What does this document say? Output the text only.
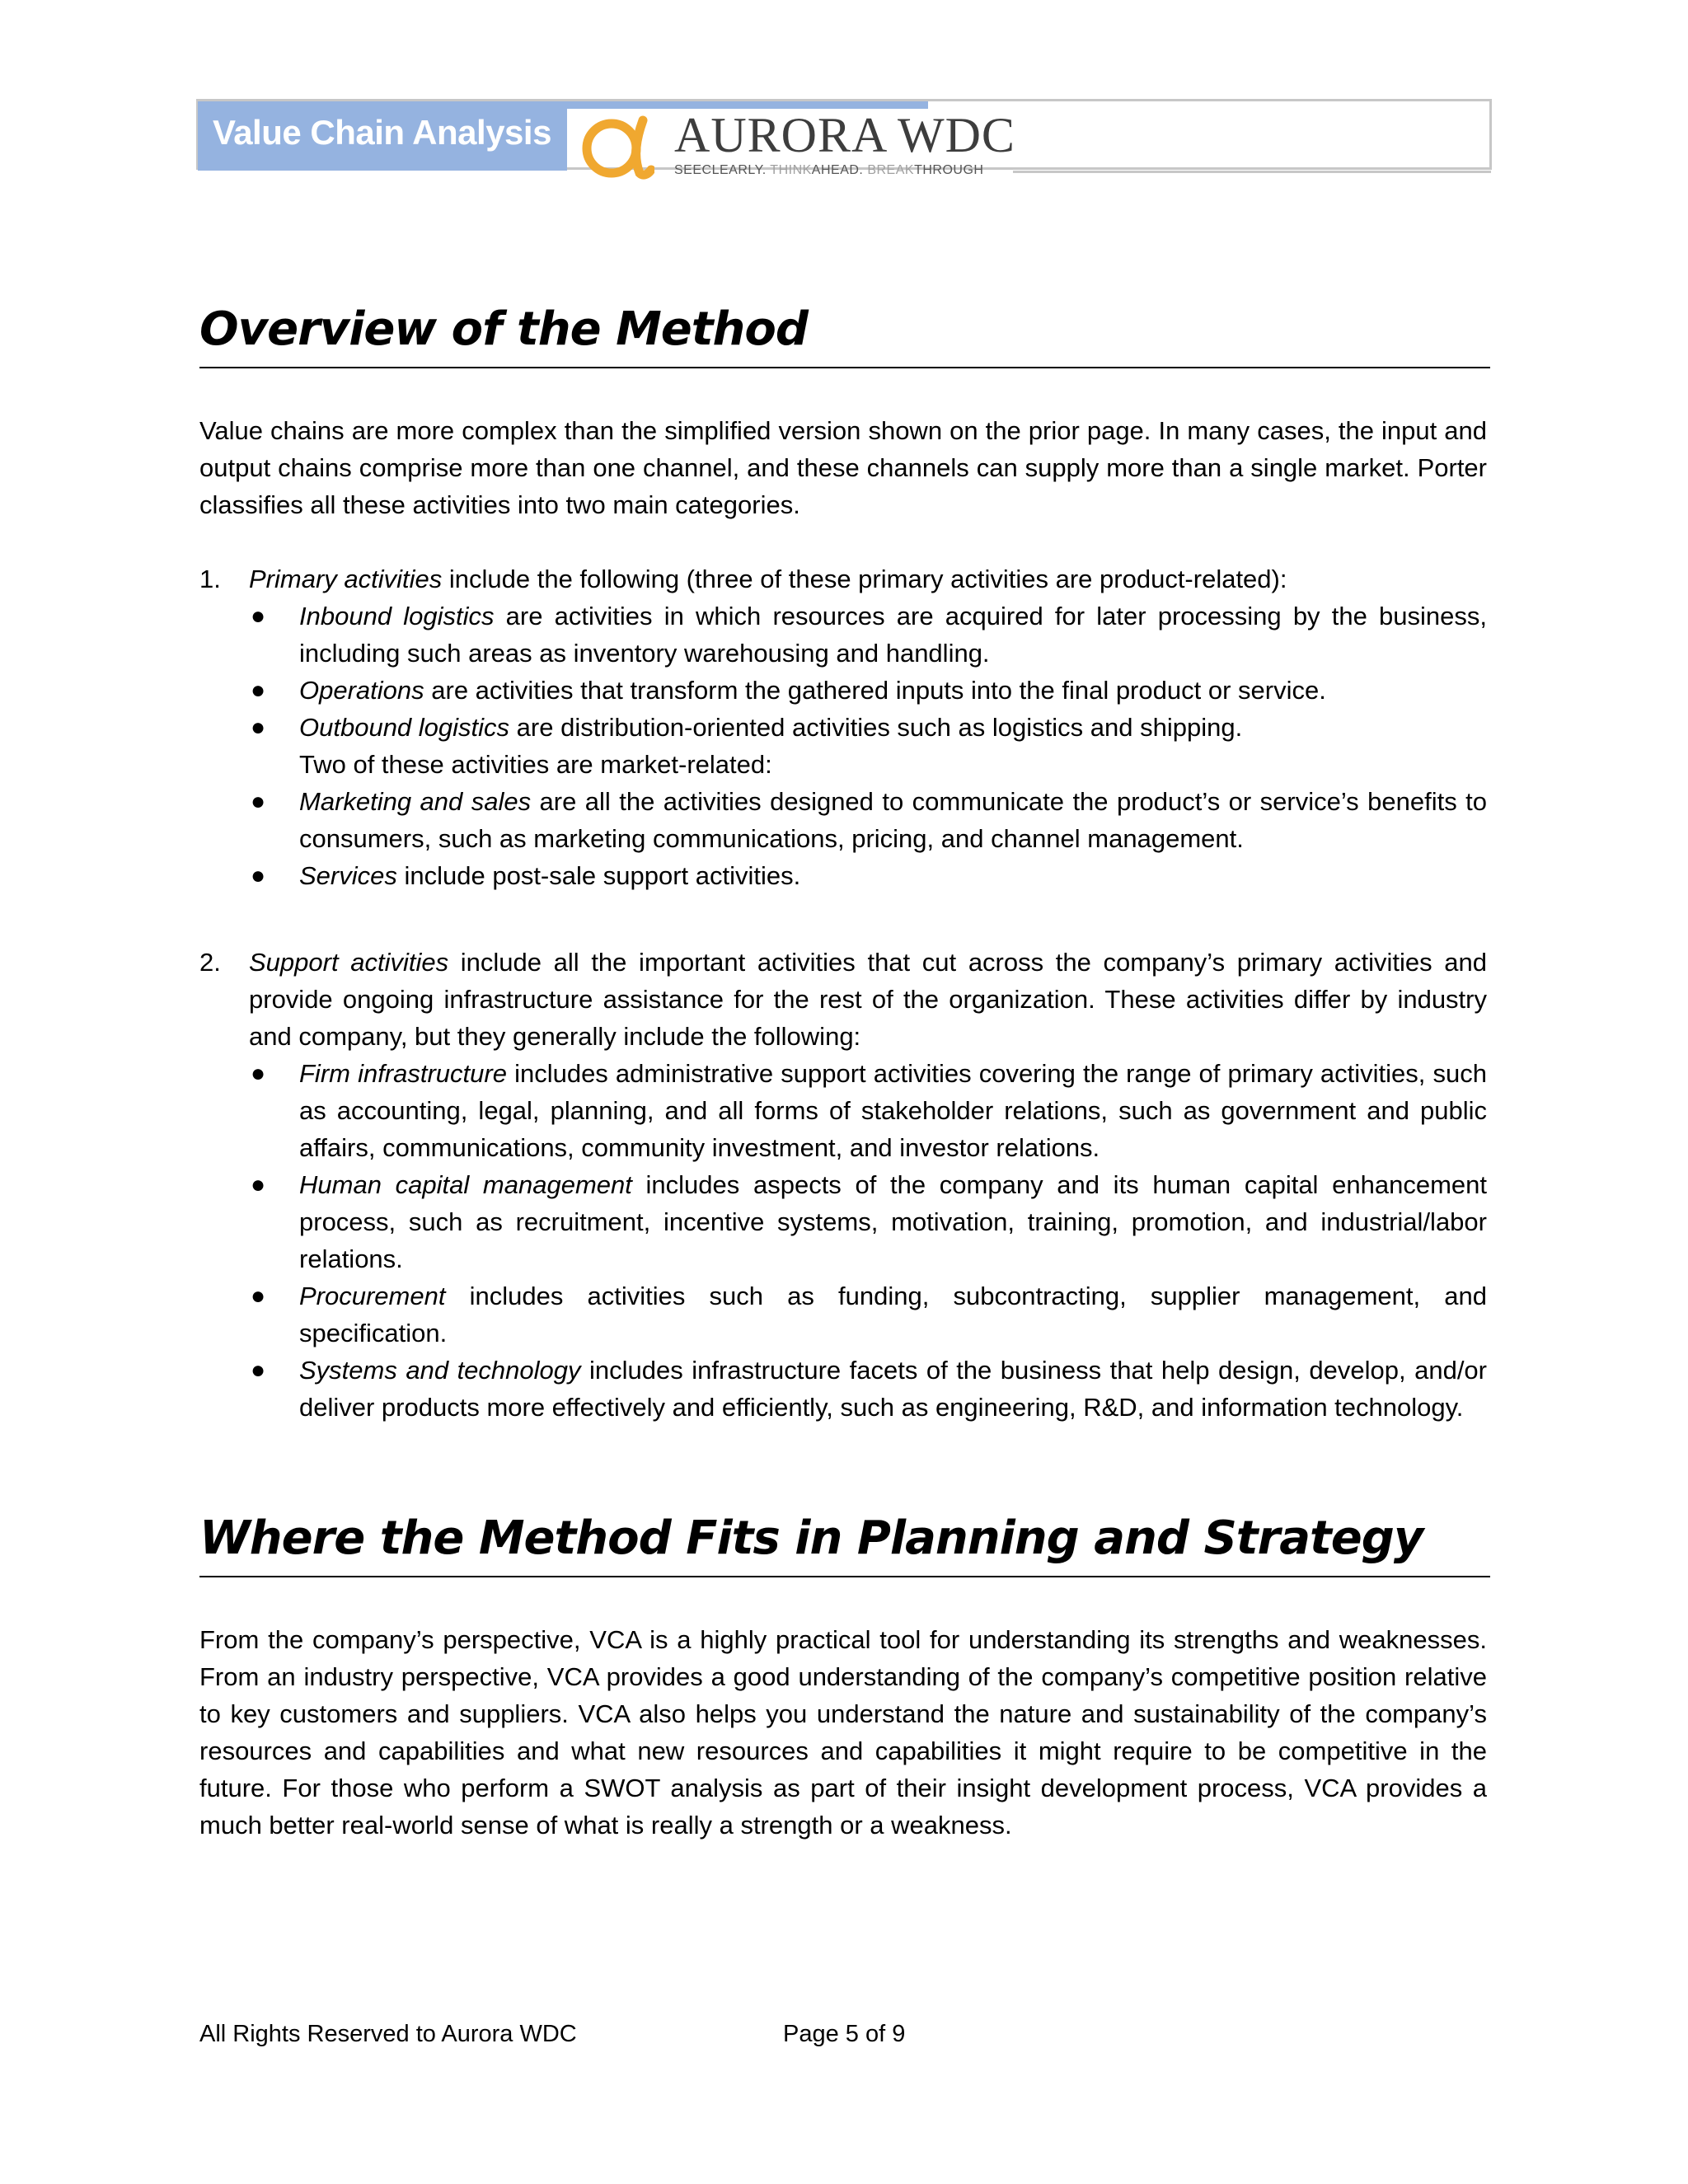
Value Chain Analysis AURORA WDC
SEECLEARLY. THINKAHEAD. BREAKTHROUGH
Overview of the Method

Value chains are more complex than the simplified version shown on the prior page. In many cases, the input and output chains comprise more than one channel, and these channels can supply more than a single market. Porter classifies all these activities into two main categories.

1. Primary activities include the following (three of these primary activities are product-related):
● Inbound logistics are activities in which resources are acquired for later processing by the business, including such areas as inventory warehousing and handling.
● Operations are activities that transform the gathered inputs into the final product or service.
● Outbound logistics are distribution-oriented activities such as logistics and shipping.
Two of these activities are market-related:
● Marketing and sales are all the activities designed to communicate the product’s or service’s benefits to consumers, such as marketing communications, pricing, and channel management.
● Services include post-sale support activities.
2. Support activities include all the important activities that cut across the company’s primary activities and provide ongoing infrastructure assistance for the rest of the organization. These activities differ by industry and company, but they generally include the following:
● Firm infrastructure includes administrative support activities covering the range of primary activities, such as accounting, legal, planning, and all forms of stakeholder relations, such as government and public affairs, communications, community investment, and investor relations.
● Human capital management includes aspects of the company and its human capital enhancement process, such as recruitment, incentive systems, motivation, training, promotion, and industrial/labor relations.
● Procurement includes activities such as funding, subcontracting, supplier management, and specification.
● Systems and technology includes infrastructure facets of the business that help design, develop, and/or deliver products more effectively and efficiently, such as engineering, R&D, and information technology.
Where the Method Fits in Planning and Strategy

From the company’s perspective, VCA is a highly practical tool for understanding its strengths and weaknesses. From an industry perspective, VCA provides a good understanding of the company’s competitive position relative to key customers and suppliers. VCA also helps you understand the nature and sustainability of the company’s resources and capabilities and what new resources and capabilities it might require to be competitive in the future. For those who perform a SWOT analysis as part of their insight development process, VCA provides a much better real-world sense of what is really a strength or a weakness.

All Rights Reserved to Aurora WDC	Page 5 of 9
